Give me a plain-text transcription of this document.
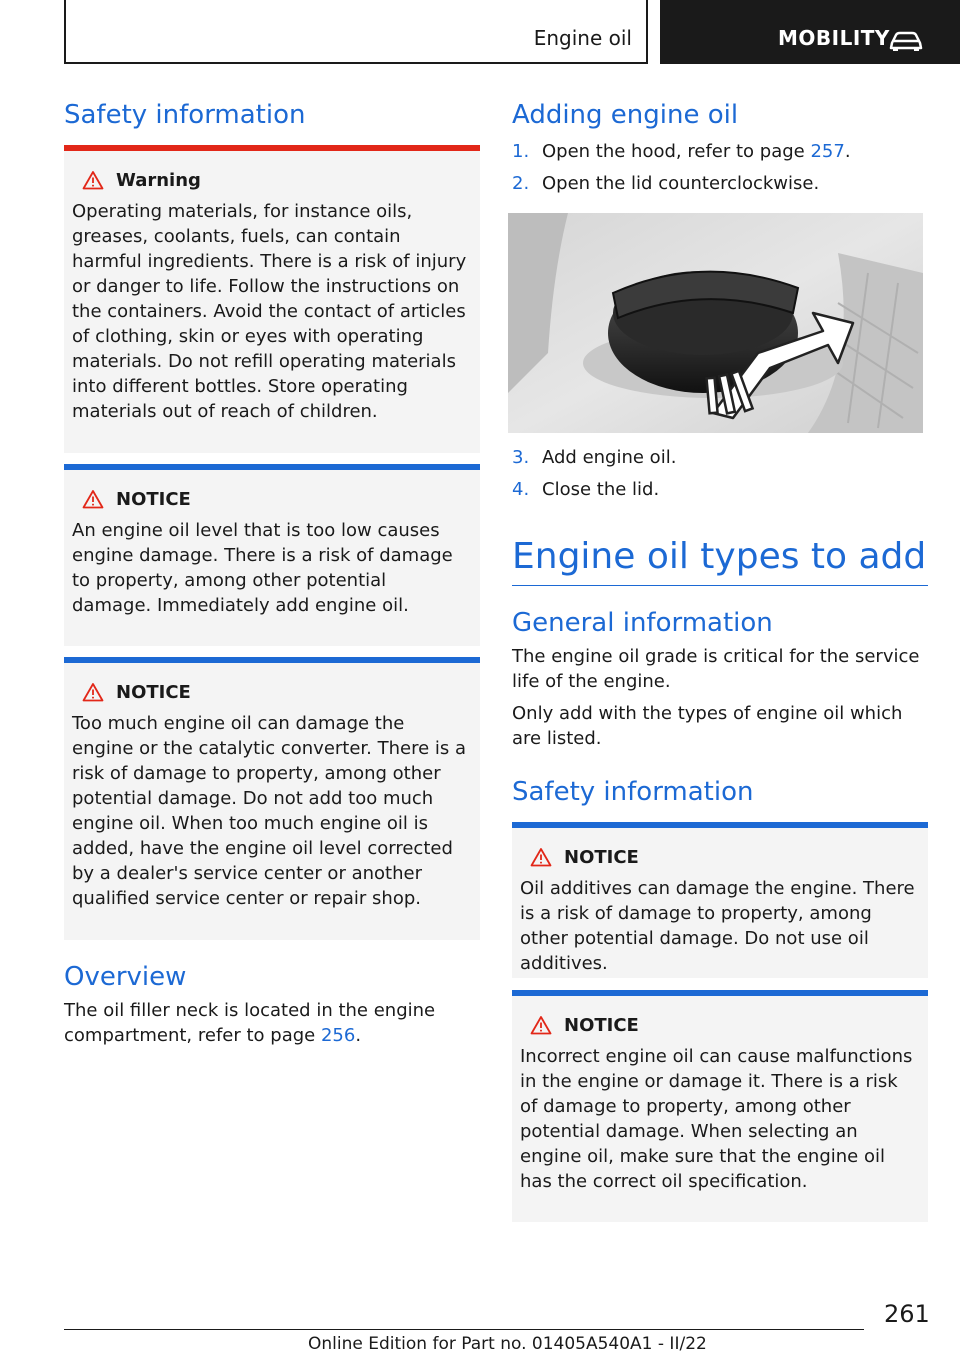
Engine oil	MOBILITY
Safety information
Warning

Operating materials, for instance oils, greases, coolants, fuels, can contain harmful ingredients. There is a risk of injury or danger to life. Follow the instructions on the containers. Avoid the contact of articles of clothing, skin or eyes with operating materials. Do not refill operating materials into different bottles. Store operating materials out of reach of children.

NOTICE

An engine oil level that is too low causes engine damage. There is a risk of damage to property, among other potential damage. Immediately add engine oil.

NOTICE

Too much engine oil can damage the engine or the catalytic converter. There is a risk of damage to property, among other potential damage. Do not add too much engine oil. When too much engine oil is added, have the engine oil level corrected by a dealer's service center or another qualified service center or repair shop.

Overview

The oil filler neck is located in the engine compartment, refer to page 256.

Adding engine oil
1. Open the hood, refer to page 257.
2. Open the lid counterclockwise.
3. Add engine oil.
4. Close the lid.
Engine oil types to add
General information

The engine oil grade is critical for the service life of the engine.

Only add with the types of engine oil which are listed.

Safety information
NOTICE

Oil additives can damage the engine. There is a risk of damage to property, among other potential damage. Do not use oil additives.

NOTICE

Incorrect engine oil can cause malfunctions in the engine or damage it. There is a risk of damage to property, among other potential damage. When selecting an engine oil, make sure that the engine oil has the correct oil specification.

261
Online Edition for Part no. 01405A540A1 - II/22
